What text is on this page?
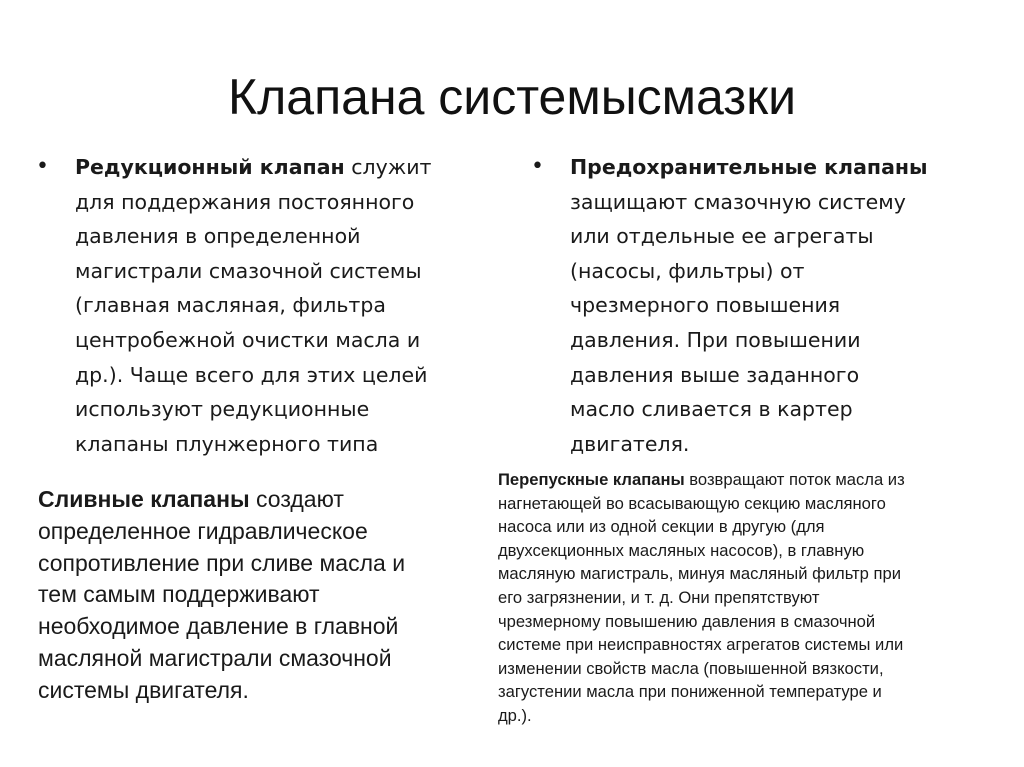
Клапана системысмазки
•	•
Редукционный клапан служит
для поддержания постоянного
давления в определенной
магистрали смазочной системы
(главная масляная, фильтра
центробежной очистки масла и
др.). Чаще всего для этих целей
используют редукционные
клапаны плунжерного типа
Предохранительные клапаны
защищают смазочную систему
или отдельные ее агрегаты
(насосы, фильтры) от
чрезмерного повышения
давления. При повышении
давления выше заданного
масло сливается в картер
двигателя.
Сливные клапаны создают
определенное гидравлическое
сопротивление при сливе масла и
тем самым поддерживают
необходимое давление в главной
масляной магистрали смазочной
системы двигателя.
Перепускные клапаны возвращают поток масла из
нагнетающей во всасывающую секцию масляного
насоса или из одной секции в другую (для
двухсекционных масляных насосов), в главную
масляную магистраль, минуя масляный фильтр при
его загрязнении, и т. д. Они препятствуют
чрезмерному повышению давления в смазочной
системе при неисправностях агрегатов системы или
изменении свойств масла (повышенной вязкости,
загустении масла при пониженной температуре и
др.).
